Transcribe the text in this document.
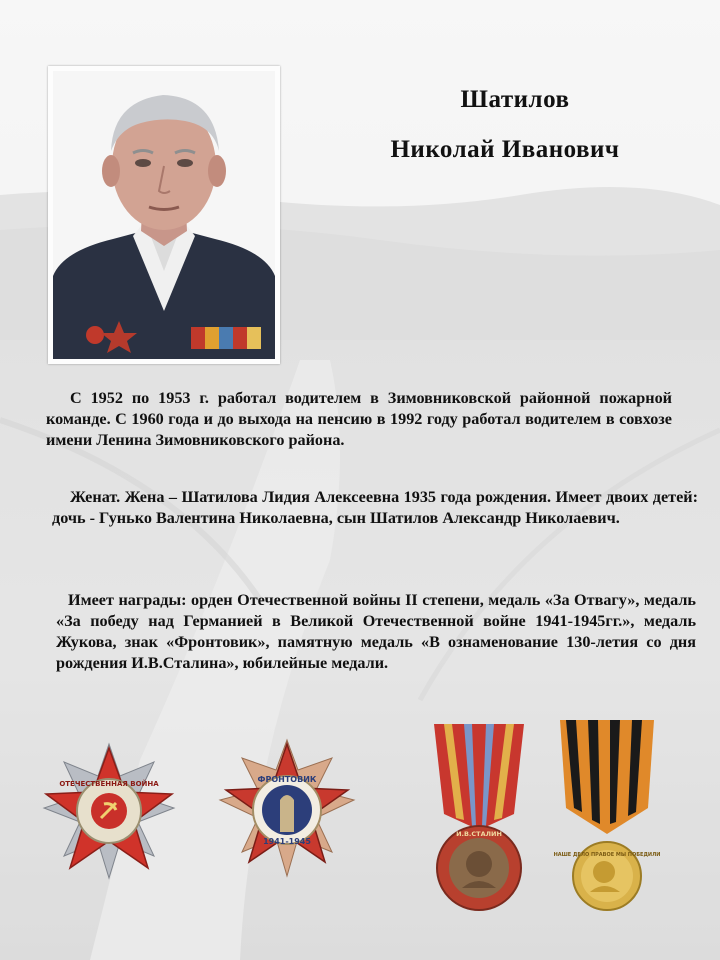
Шатилов
Николай Иванович
С 1952 по 1953 г. работал водителем в Зимовниковской районной пожарной команде. С 1960 года и до выхода на пенсию в 1992 году работал водителем в совхозе имени Ленина Зимовниковского района.
Женат. Жена – Шатилова Лидия Алексеевна 1935 года рождения. Имеет двоих детей: дочь - Гунько Валентина Николаевна, сын Шатилов Александр Николаевич.
Имеет награды: орден Отечественной войны II степени, медаль «За Отвагу», медаль «За победу над Германией в Великой Отечественной войне 1941-1945гг.», медаль Жукова, знак «Фронтовик», памятную медаль «В ознаменование 130-летия со дня рождения И.В.Сталина», юбилейные медали.
ОТЕЧЕСТВЕННАЯ ВОЙНА	ФРОНТОВИК
1941-1945
И.В.СТАЛИН
НАШЕ ДЕЛО ПРАВОЕ МЫ ПОБЕДИЛИ
